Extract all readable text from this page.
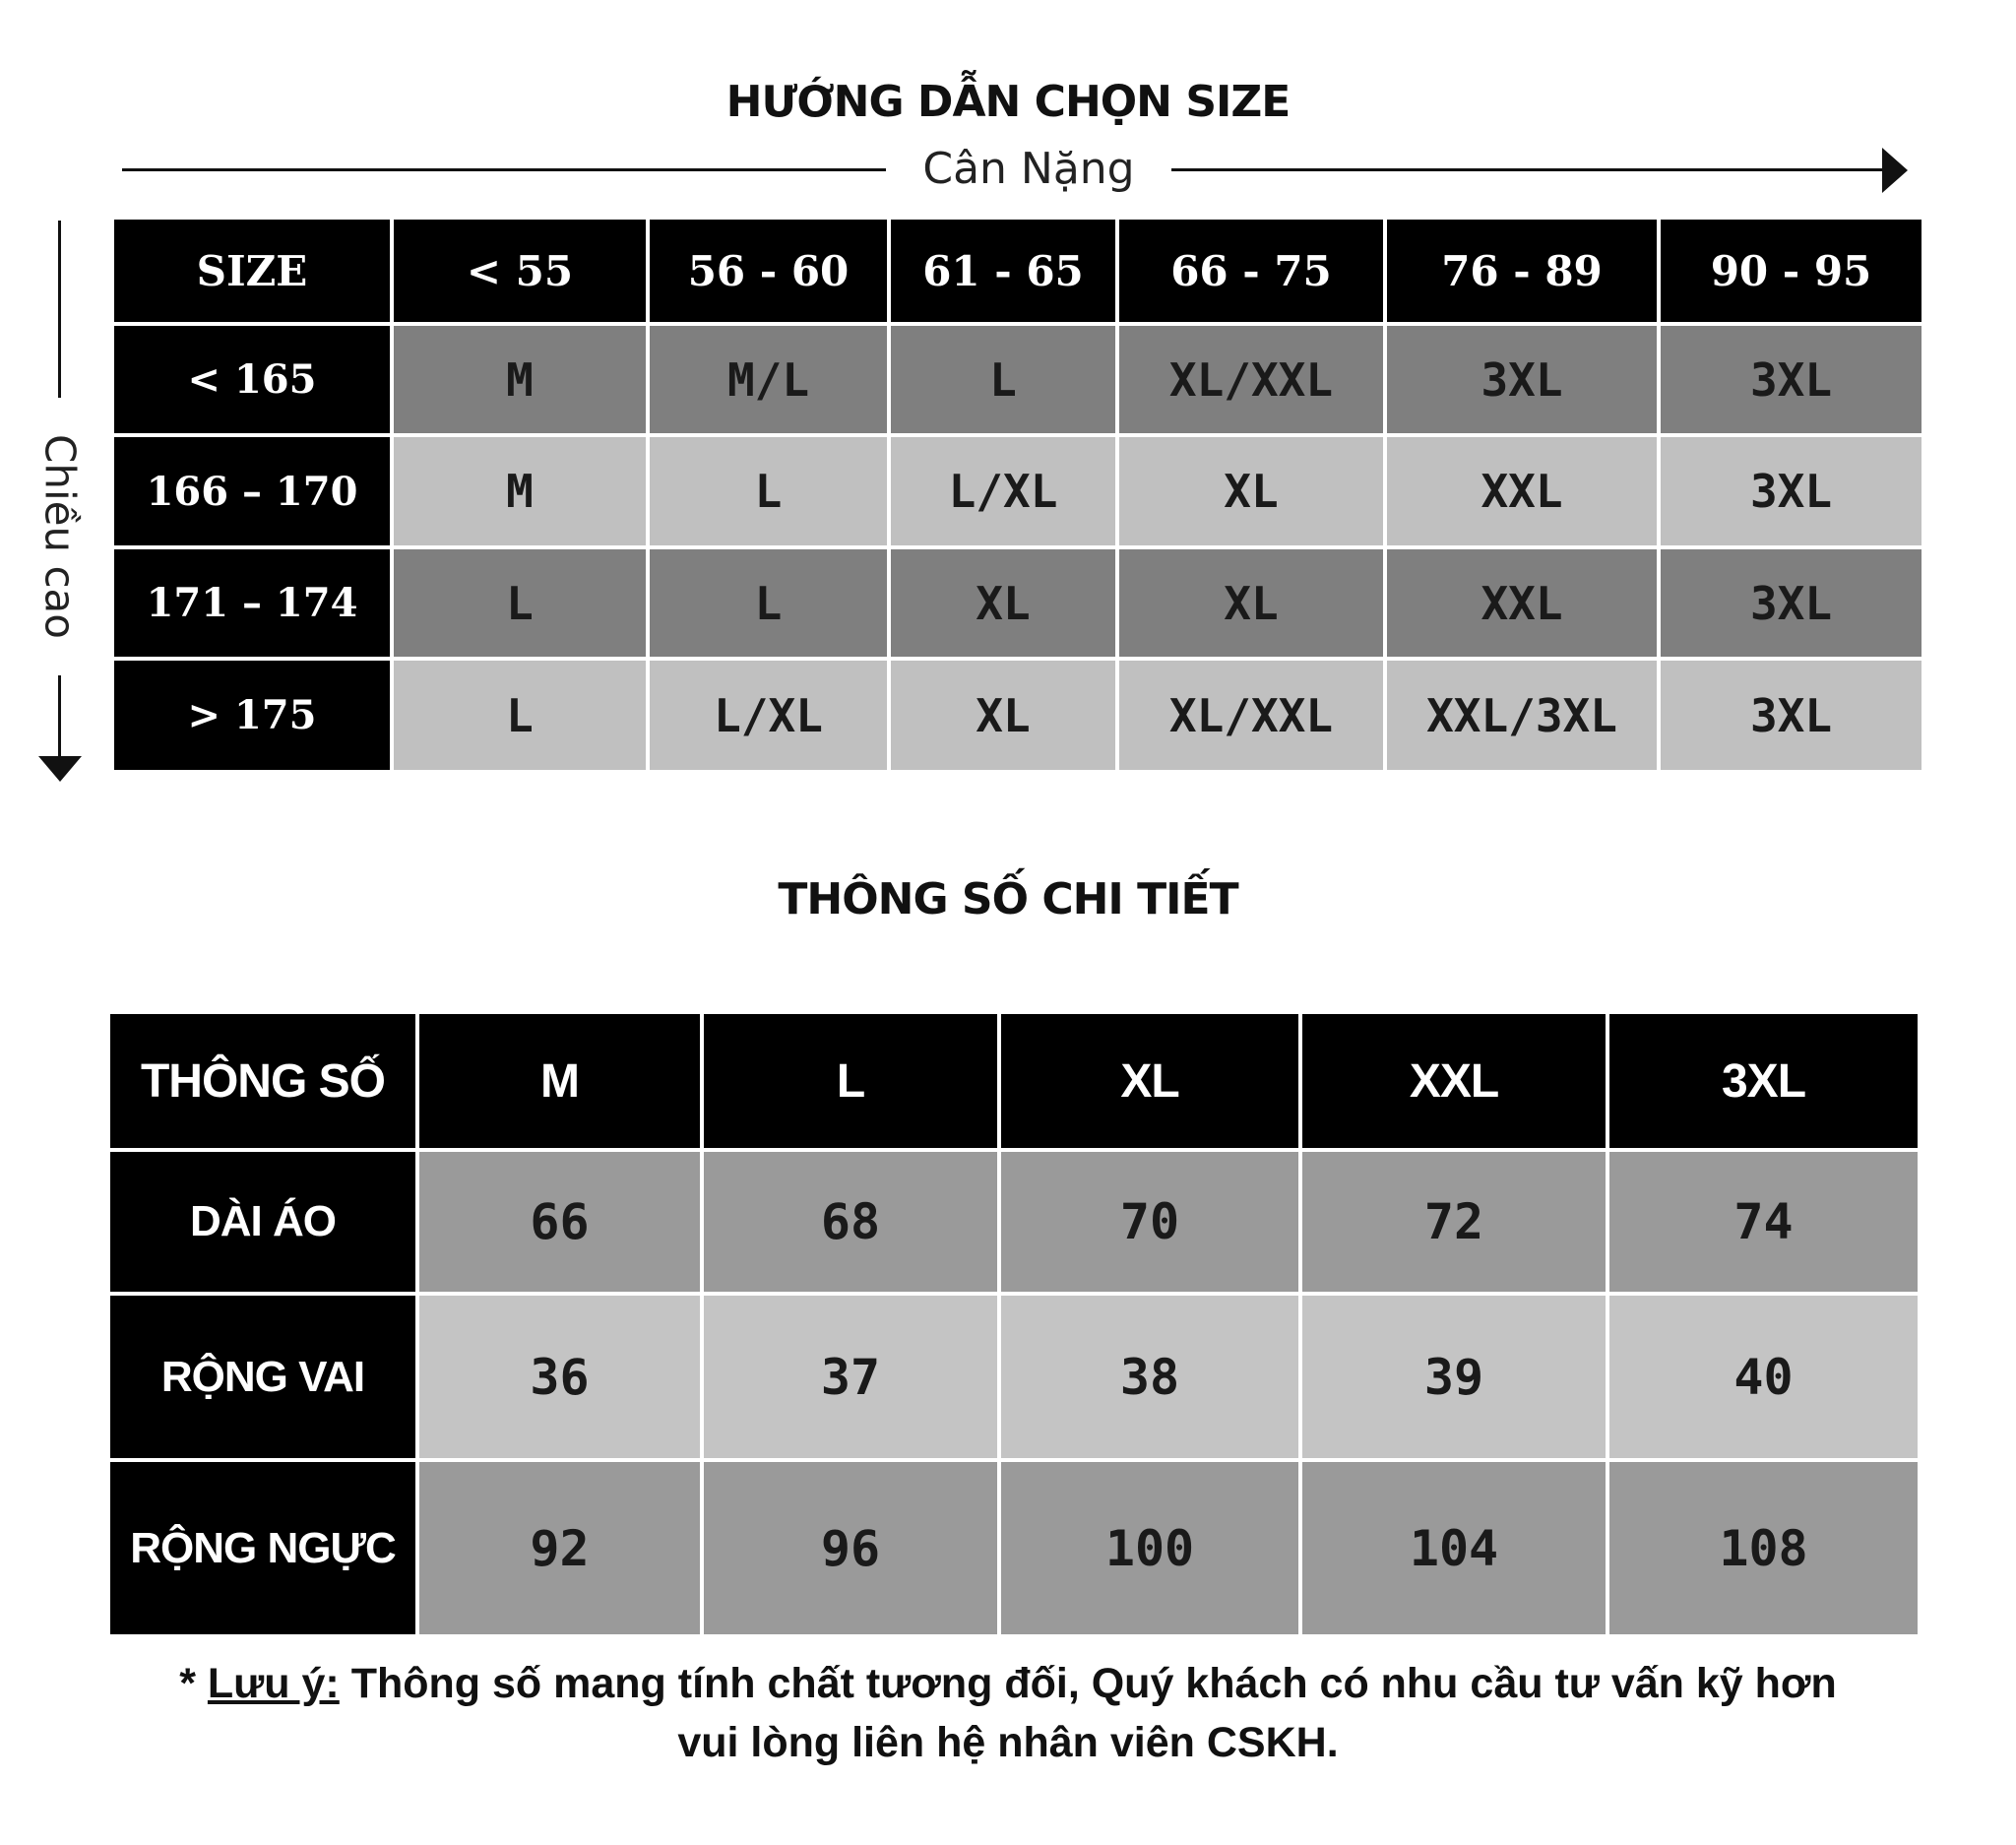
HƯỚNG DẪN CHỌN SIZE
Cân Nặng
Chiều cao
SIZE	< 55	56 - 60	61 - 65	66 - 75	76 - 89	90 - 95
< 165	M	M/L	L	XL/XXL	3XL	3XL
166 – 170	M	L	L/XL	XL	XXL	3XL
171 – 174	L	L	XL	XL	XXL	3XL
> 175	L	L/XL	XL	XL/XXL	XXL/3XL	3XL
THÔNG SỐ CHI TIẾT
THÔNG SỐ	M	L	XL	XXL	3XL
DÀI ÁO	66	68	70	72	74
RỘNG VAI	36	37	38	39	40
RỘNG NGỰC	92	96	100	104	108
* Lưu ý: Thông số mang tính chất tương đối, Quý khách có nhu cầu tư vấn kỹ hơn
vui lòng liên hệ nhân viên CSKH.
